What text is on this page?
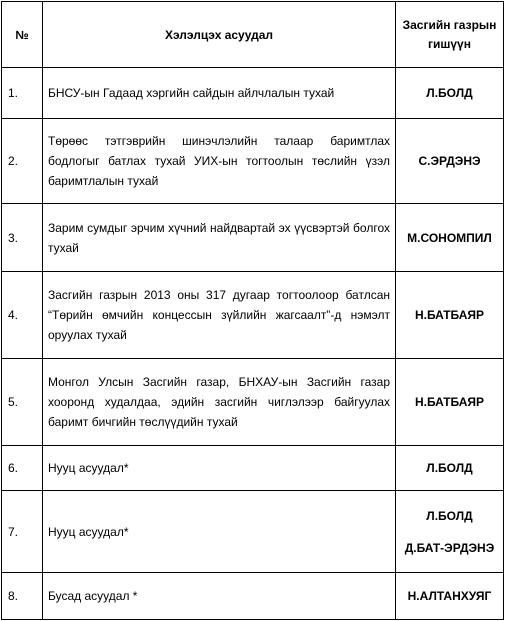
№	Хэлэлцэх асуудал	Засгийн газрын гишүүн
1.	БНСУ-ын Гадаад хэргийн сайдын айлчлалын тухай	Л.БОЛД

2.	Төрөөс тэтгэврийн шинэчлэлийн талаар баримтлах бодлогыг батлах тухай УИХ-ын тогтоолын төслийн үзэл баримтлалын тухай	С.ЭРДЭНЭ

3.	Зарим сумдыг эрчим хүчний найдвартай эх үүсвэртэй болгох тухай	М.СОНОМПИЛ

4.	Засгийн газрын 2013 оны 317 дугаар тогтоолоор батлсан “Төрийн өмчийн концессын зүйлийн жагсаалт”-д нэмэлт оруулах тухай	Н.БАТБАЯР

5.	Монгол Улсын Засгийн газар, БНХАУ-ын Засгийн газар хооронд худалдаа, эдийн засгийн чиглэлээр байгуулах баримт бичгийн төслүүдийн тухай	Н.БАТБАЯР

6.	Нууц асуудал*	Л.БОЛД

7.	Нууц асуудал*	Л.БОЛД
Д.БАТ-ЭРДЭНЭ

8.	Бусад асуудал *	Н.АЛТАНХУЯГ
